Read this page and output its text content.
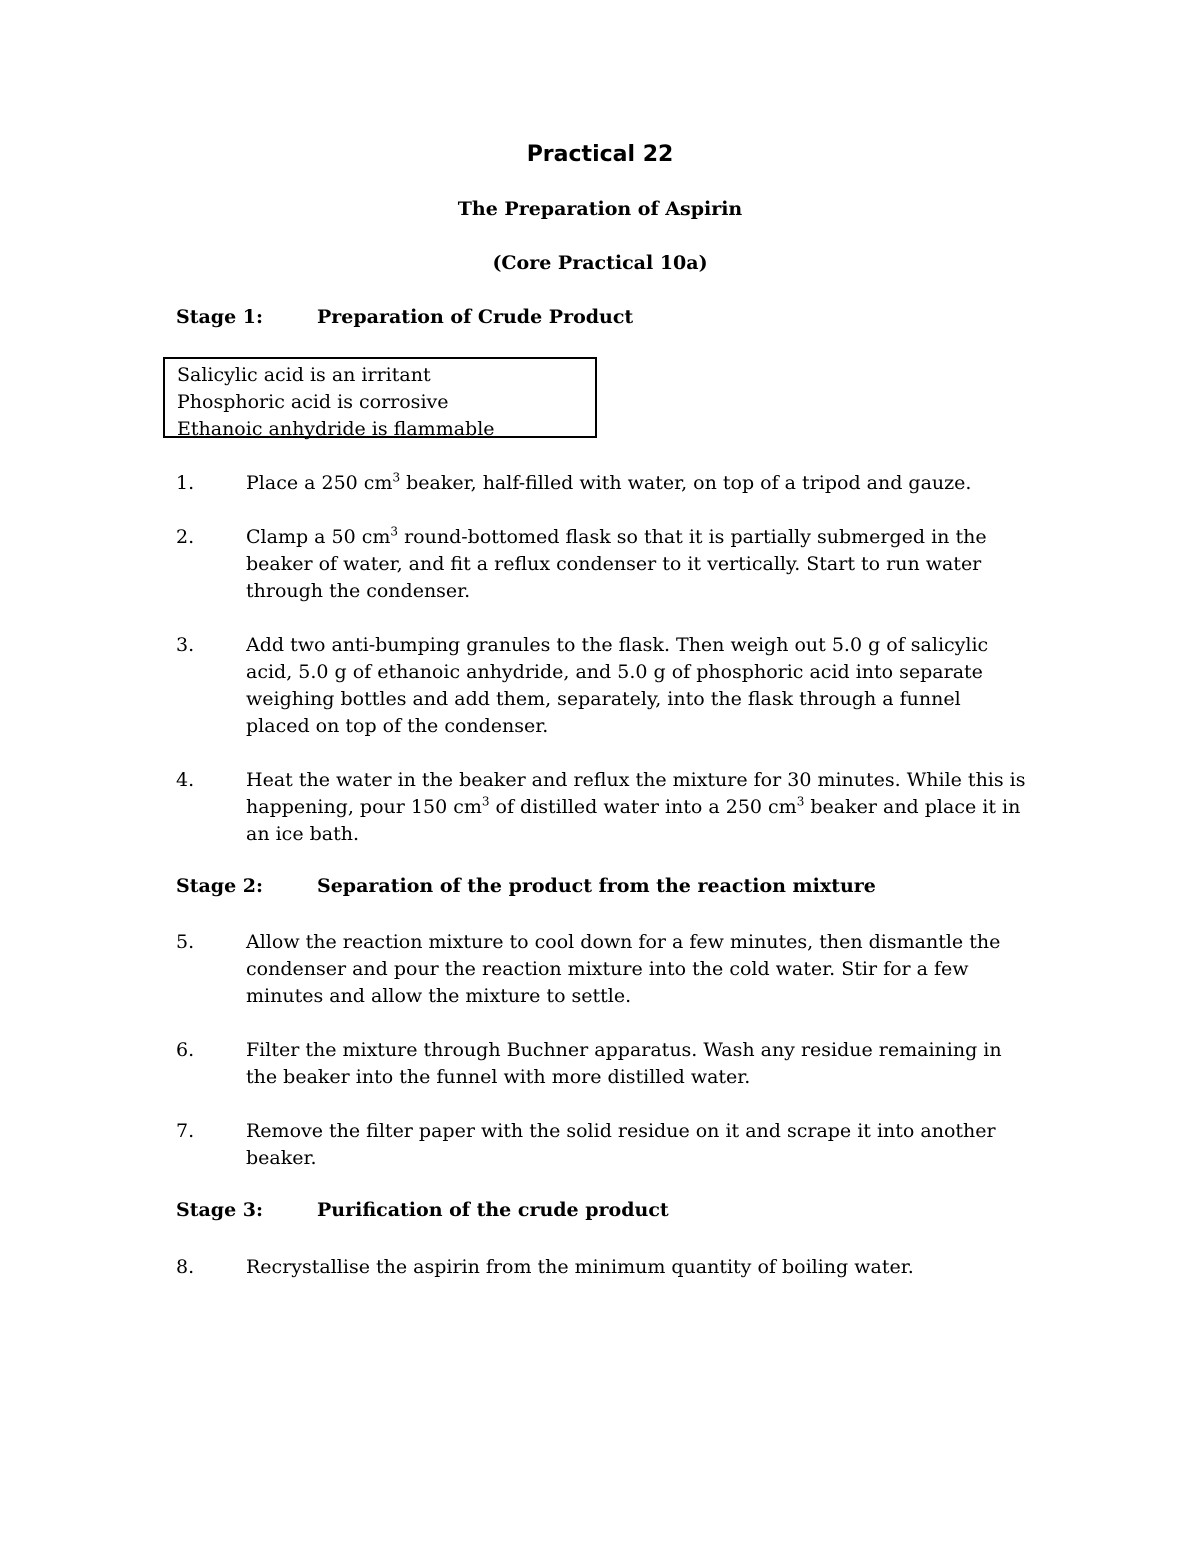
Practical 22
The Preparation of Aspirin
(Core Practical 10a)
Stage 1:	Preparation of Crude Product
Salicylic acid is an irritant
Phosphoric acid is corrosive
Ethanoic anhydride is flammable
1.	Place a 250 $cm^3$ beaker, half-filled with water, on top of a tripod and gauze.
2.	Clamp a 50 $cm^3$ round-bottomed flask so that it is partially submerged in the beaker of water, and fit a reflux condenser to it vertically. Start to run water through the condenser.
3.	Add two anti-bumping granules to the flask. Then weigh out 5.0 g of salicylic acid, 5.0 g of ethanoic anhydride, and 5.0 g of phosphoric acid into separate weighing bottles and add them, separately, into the flask through a funnel placed on top of the condenser.
4.	Heat the water in the beaker and reflux the mixture for 30 minutes. While this is happening, pour 150 $cm^3$ of distilled water into a 250 $cm^3$ beaker and place it in an ice bath.
Stage 2:	Separation of the product from the reaction mixture
5.	Allow the reaction mixture to cool down for a few minutes, then dismantle the condenser and pour the reaction mixture into the cold water. Stir for a few minutes and allow the mixture to settle.
6.	Filter the mixture through Buchner apparatus. Wash any residue remaining in the beaker into the funnel with more distilled water.
7.	Remove the filter paper with the solid residue on it and scrape it into another beaker.
Stage 3:	Purification of the crude product
8.	Recrystallise the aspirin from the minimum quantity of boiling water.
